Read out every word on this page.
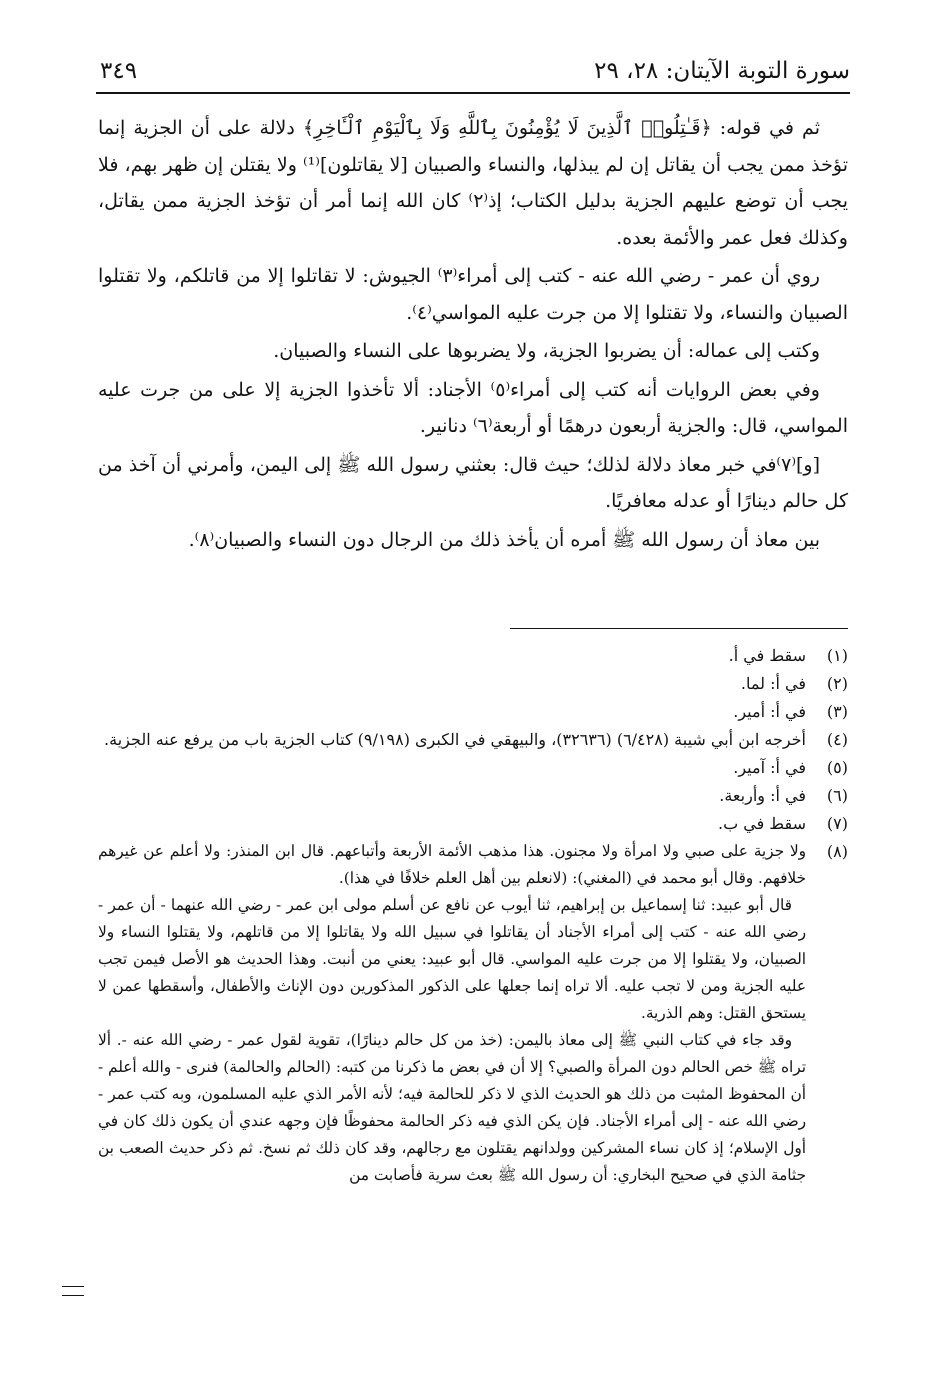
سورة التوبة الآيتان: ٢٨، ٢٩
٣٤٩

ثم في قوله: ﴿قَـٰتِلُوا۟ ٱلَّذِينَ لَا يُؤْمِنُونَ بِٱللَّهِ وَلَا بِٱلْيَوْمِ ٱلْـَٔاخِرِ﴾ دلالة على أن الجزية إنما تؤخذ ممن يجب أن يقاتل إن لم يبذلها، والنساء والصبيان [لا يقاتلون]⁽¹⁾ ولا يقتلن إن ظهر بهم، فلا يجب أن توضع عليهم الجزية بدليل الكتاب؛ إذ⁽٢⁾ كان الله إنما أمر أن تؤخذ الجزية ممن يقاتل، وكذلك فعل عمر والأئمة بعده.

روي أن عمر - رضي الله عنه - كتب إلى أمراء⁽٣⁾ الجيوش: لا تقاتلوا إلا من قاتلكم، ولا تقتلوا الصبيان والنساء، ولا تقتلوا إلا من جرت عليه المواسي⁽٤⁾.

وكتب إلى عماله: أن يضربوا الجزية، ولا يضربوها على النساء والصبيان.

وفي بعض الروايات أنه كتب إلى أمراء⁽٥⁾ الأجناد: ألا تأخذوا الجزية إلا على من جرت عليه المواسي، قال: والجزية أربعون درهمًا أو أربعة⁽٦⁾ دنانير.

[و]⁽٧⁾في خبر معاذ دلالة لذلك؛ حيث قال: بعثني رسول الله ﷺ إلى اليمن، وأمرني أن آخذ من كل حالم دينارًا أو عدله معافريًا.

بين معاذ أن رسول الله ﷺ أمره أن يأخذ ذلك من الرجال دون النساء والصبيان⁽٨⁾.

(١)
سقط في أ.
(٢)
في أ: لما.
(٣)
في أ: أمير.
(٤)
أخرجه ابن أبي شيبة (٦/٤٢٨) (٣٢٦٣٦)، والبيهقي في الكبرى (٩/١٩٨) كتاب الجزية باب من يرفع عنه الجزية.
(٥)
في أ: آمير.
(٦)
في أ: وأربعة.
(٧)
سقط في ب.
(٨)
ولا جزية على صبي ولا امرأة ولا مجنون. هذا مذهب الأئمة الأربعة وأتباعهم. قال ابن المنذر: ولا أعلم عن غيرهم خلافهم. وقال أبو محمد في (المغني): (لانعلم بين أهل العلم خلافًا في هذا).
قال أبو عبيد: ثنا إسماعيل بن إبراهيم، ثنا أيوب عن نافع عن أسلم مولى ابن عمر - رضي الله عنهما - أن عمر - رضي الله عنه - كتب إلى أمراء الأجناد أن يقاتلوا في سبيل الله ولا يقاتلوا إلا من قاتلهم، ولا يقتلوا النساء ولا الصبيان، ولا يقتلوا إلا من جرت عليه المواسي. قال أبو عبيد: يعني من أنبت. وهذا الحديث هو الأصل فيمن تجب عليه الجزية ومن لا تجب عليه. ألا تراه إنما جعلها على الذكور المذكورين دون الإناث والأطفال، وأسقطها عمن لا يستحق القتل: وهم الذرية.
وقد جاء في كتاب النبي ﷺ إلى معاذ باليمن: (خذ من كل حالم دينارًا)، تقوية لقول عمر - رضي الله عنه -. ألا تراه ﷺ خص الحالم دون المرأة والصبي؟ إلا أن في بعض ما ذكرنا من كتبه: (الحالم والحالمة) فنرى - والله أعلم - أن المحفوظ المثبت من ذلك هو الحديث الذي لا ذكر للحالمة فيه؛ لأنه الأمر الذي عليه المسلمون، وبه كتب عمر - رضي الله عنه - إلى أمراء الأجناد. فإن يكن الذي فيه ذكر الحالمة محفوظًا فإن وجهه عندي أن يكون ذلك كان في أول الإسلام؛ إذ كان نساء المشركين وولدانهم يقتلون مع رجالهم، وقد كان ذلك ثم نسخ. ثم ذكر حديث الصعب بن جثامة الذي في صحيح البخاري: أن رسول الله ﷺ بعث سرية فأصابت من
